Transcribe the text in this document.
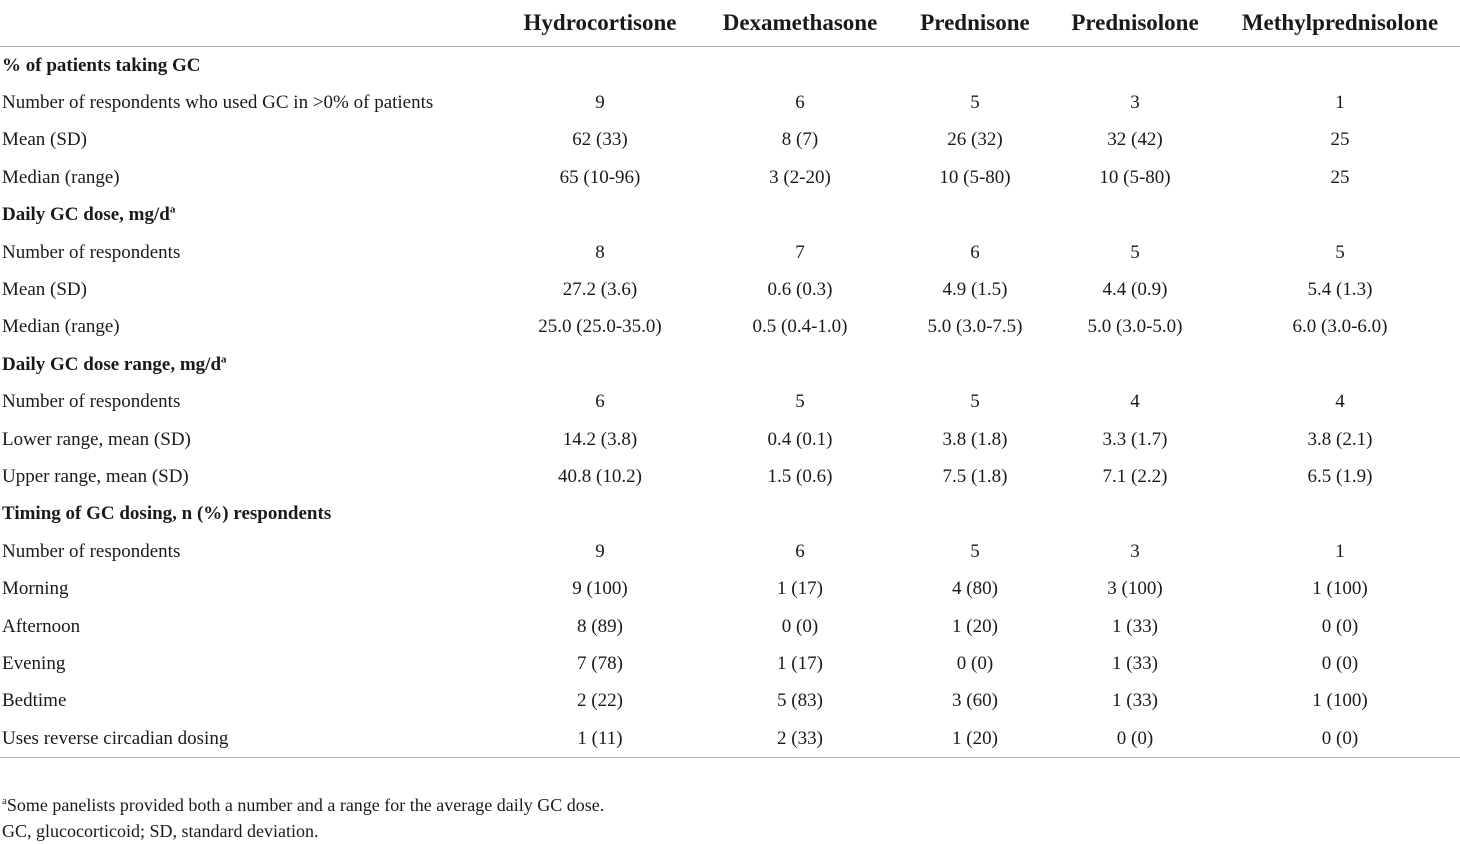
	Hydrocortisone	Dexamethasone	Prednisone	Prednisolone	Methylprednisolone
% of patients taking GC					
Number of respondents who used GC in >0% of patients	9	6	5	3	1
Mean (SD)	62 (33)	8 (7)	26 (32)	32 (42)	25
Median (range)	65 (10-96)	3 (2-20)	10 (5-80)	10 (5-80)	25
Daily GC dose, $mg/d^a$
Number of respondents	8	7	6	5	5
Mean (SD)	27.2 (3.6)	0.6 (0.3)	4.9 (1.5)	4.4 (0.9)	5.4 (1.3)
Median (range)	25.0 (25.0-35.0)	0.5 (0.4-1.0)	5.0 (3.0-7.5)	5.0 (3.0-5.0)	6.0 (3.0-6.0)
Daily GC dose range, $mg/d^a$
Number of respondents	6	5	5	4	4
Lower range, mean (SD)	14.2 (3.8)	0.4 (0.1)	3.8 (1.8)	3.3 (1.7)	3.8 (2.1)
Upper range, mean (SD)	40.8 (10.2)	1.5 (0.6)	7.5 (1.8)	7.1 (2.2)	6.5 (1.9)
Timing of GC dosing, n (%) respondents					
Number of respondents	9	6	5	3	1
Morning	9 (100)	1 (17)	4 (80)	3 (100)	1 (100)
Afternoon	8 (89)	0 (0)	1 (20)	1 (33)	0 (0)
Evening	7 (78)	1 (17)	0 (0)	1 (33)	0 (0)
Bedtime	2 (22)	5 (83)	3 (60)	1 (33)	1 (100)
Uses reverse circadian dosing	1 (11)	2 (33)	1 (20)	0 (0)	0 (0)
$^a$Some panelists provided both a number and a range for the average daily GC dose.
GC, glucocorticoid; SD, standard deviation.
